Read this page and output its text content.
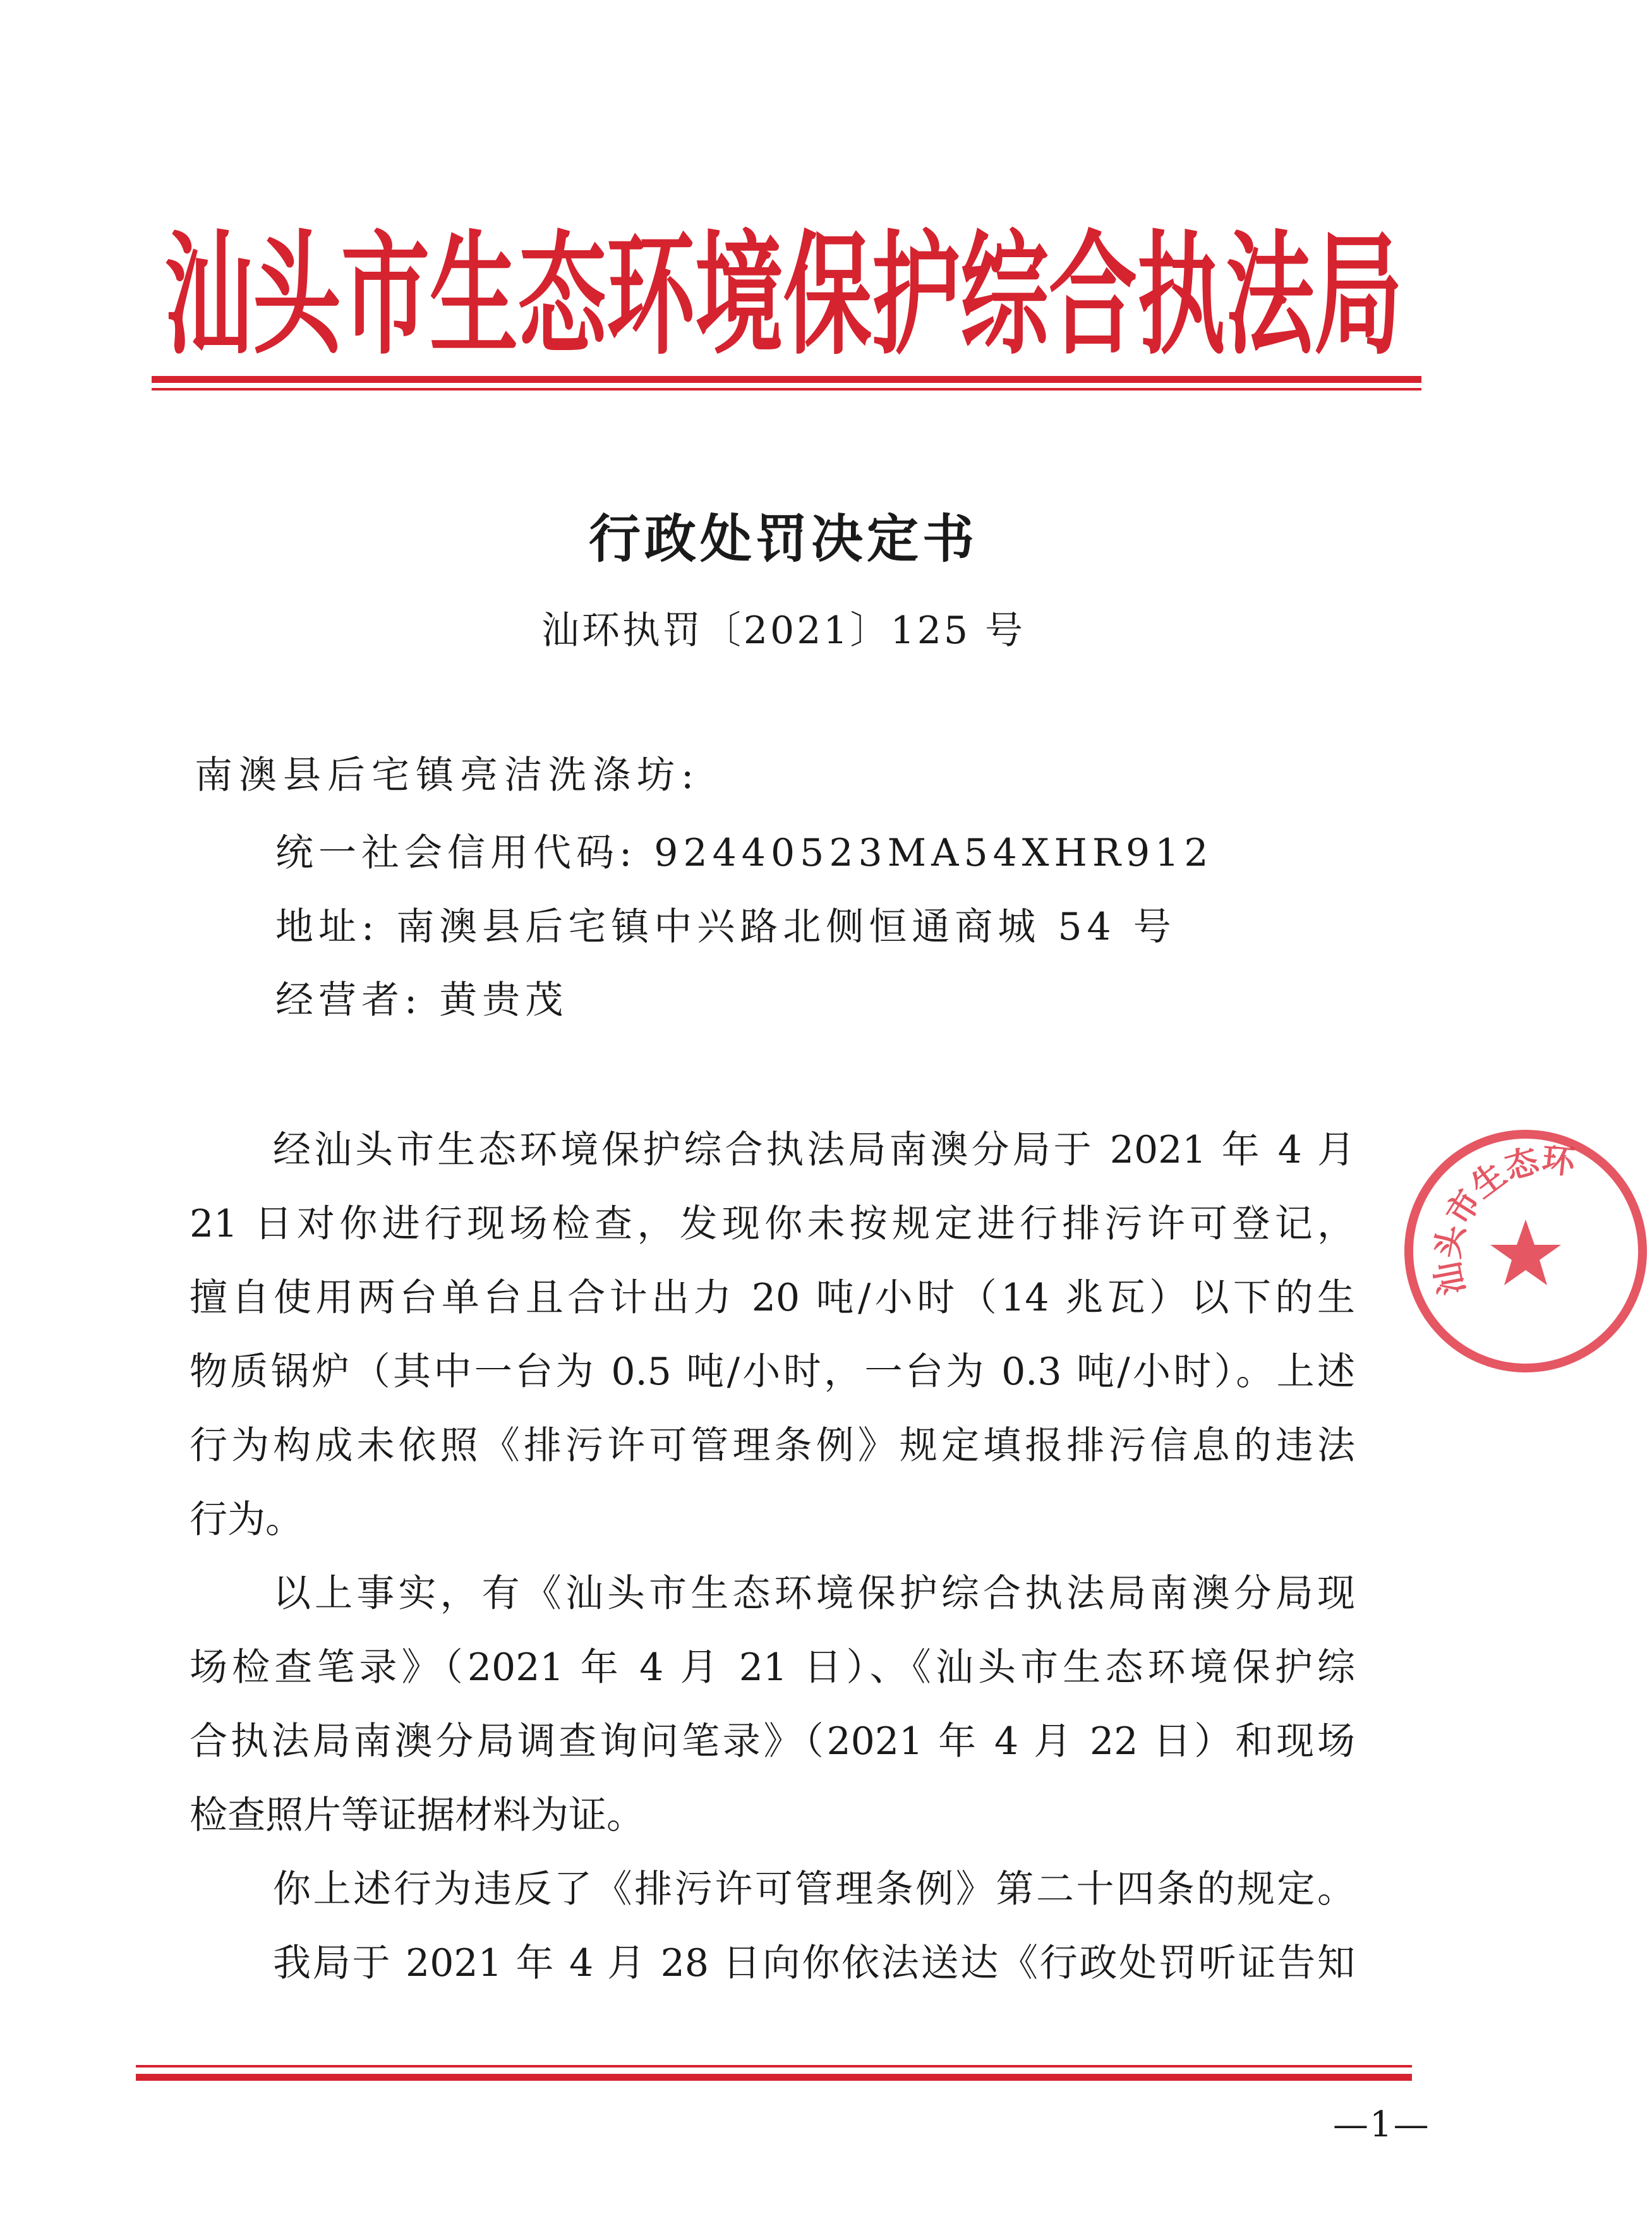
汕头市生态环境保护综合执法局
行政处罚决定书
汕环执罚〔2021〕125 号
南澳县后宅镇亮洁洗涤坊:
统一社会信用代码: 92440523MA54XHR912
地址: 南澳县后宅镇中兴路北侧恒通商城 54 号
经营者: 黄贵茂
经汕头市生态环境保护综合执法局南澳分局于 2021 年 4 月
21 日对你进行现场检查，发现你未按规定进行排污许可登记，
擅自使用两台单台且合计出力 20 吨/小时（14 兆瓦）以下的生
物质锅炉（其中一台为 0.5 吨/小时，一台为 0.3 吨/小时）。上述
行为构成未依照《排污许可管理条例》规定填报排污信息的违法
行为。
以上事实，有《汕头市生态环境保护综合执法局南澳分局现
场检查笔录》（2021 年 4 月 21 日）、《汕头市生态环境保护综
合执法局南澳分局调查询问笔录》（2021 年 4 月 22 日）和现场
检查照片等证据材料为证。
你上述行为违反了《排污许可管理条例》第二十四条的规定。
我局于 2021 年 4 月 28 日向你依法送达《行政处罚听证告知
—1—
汕头市生态环
